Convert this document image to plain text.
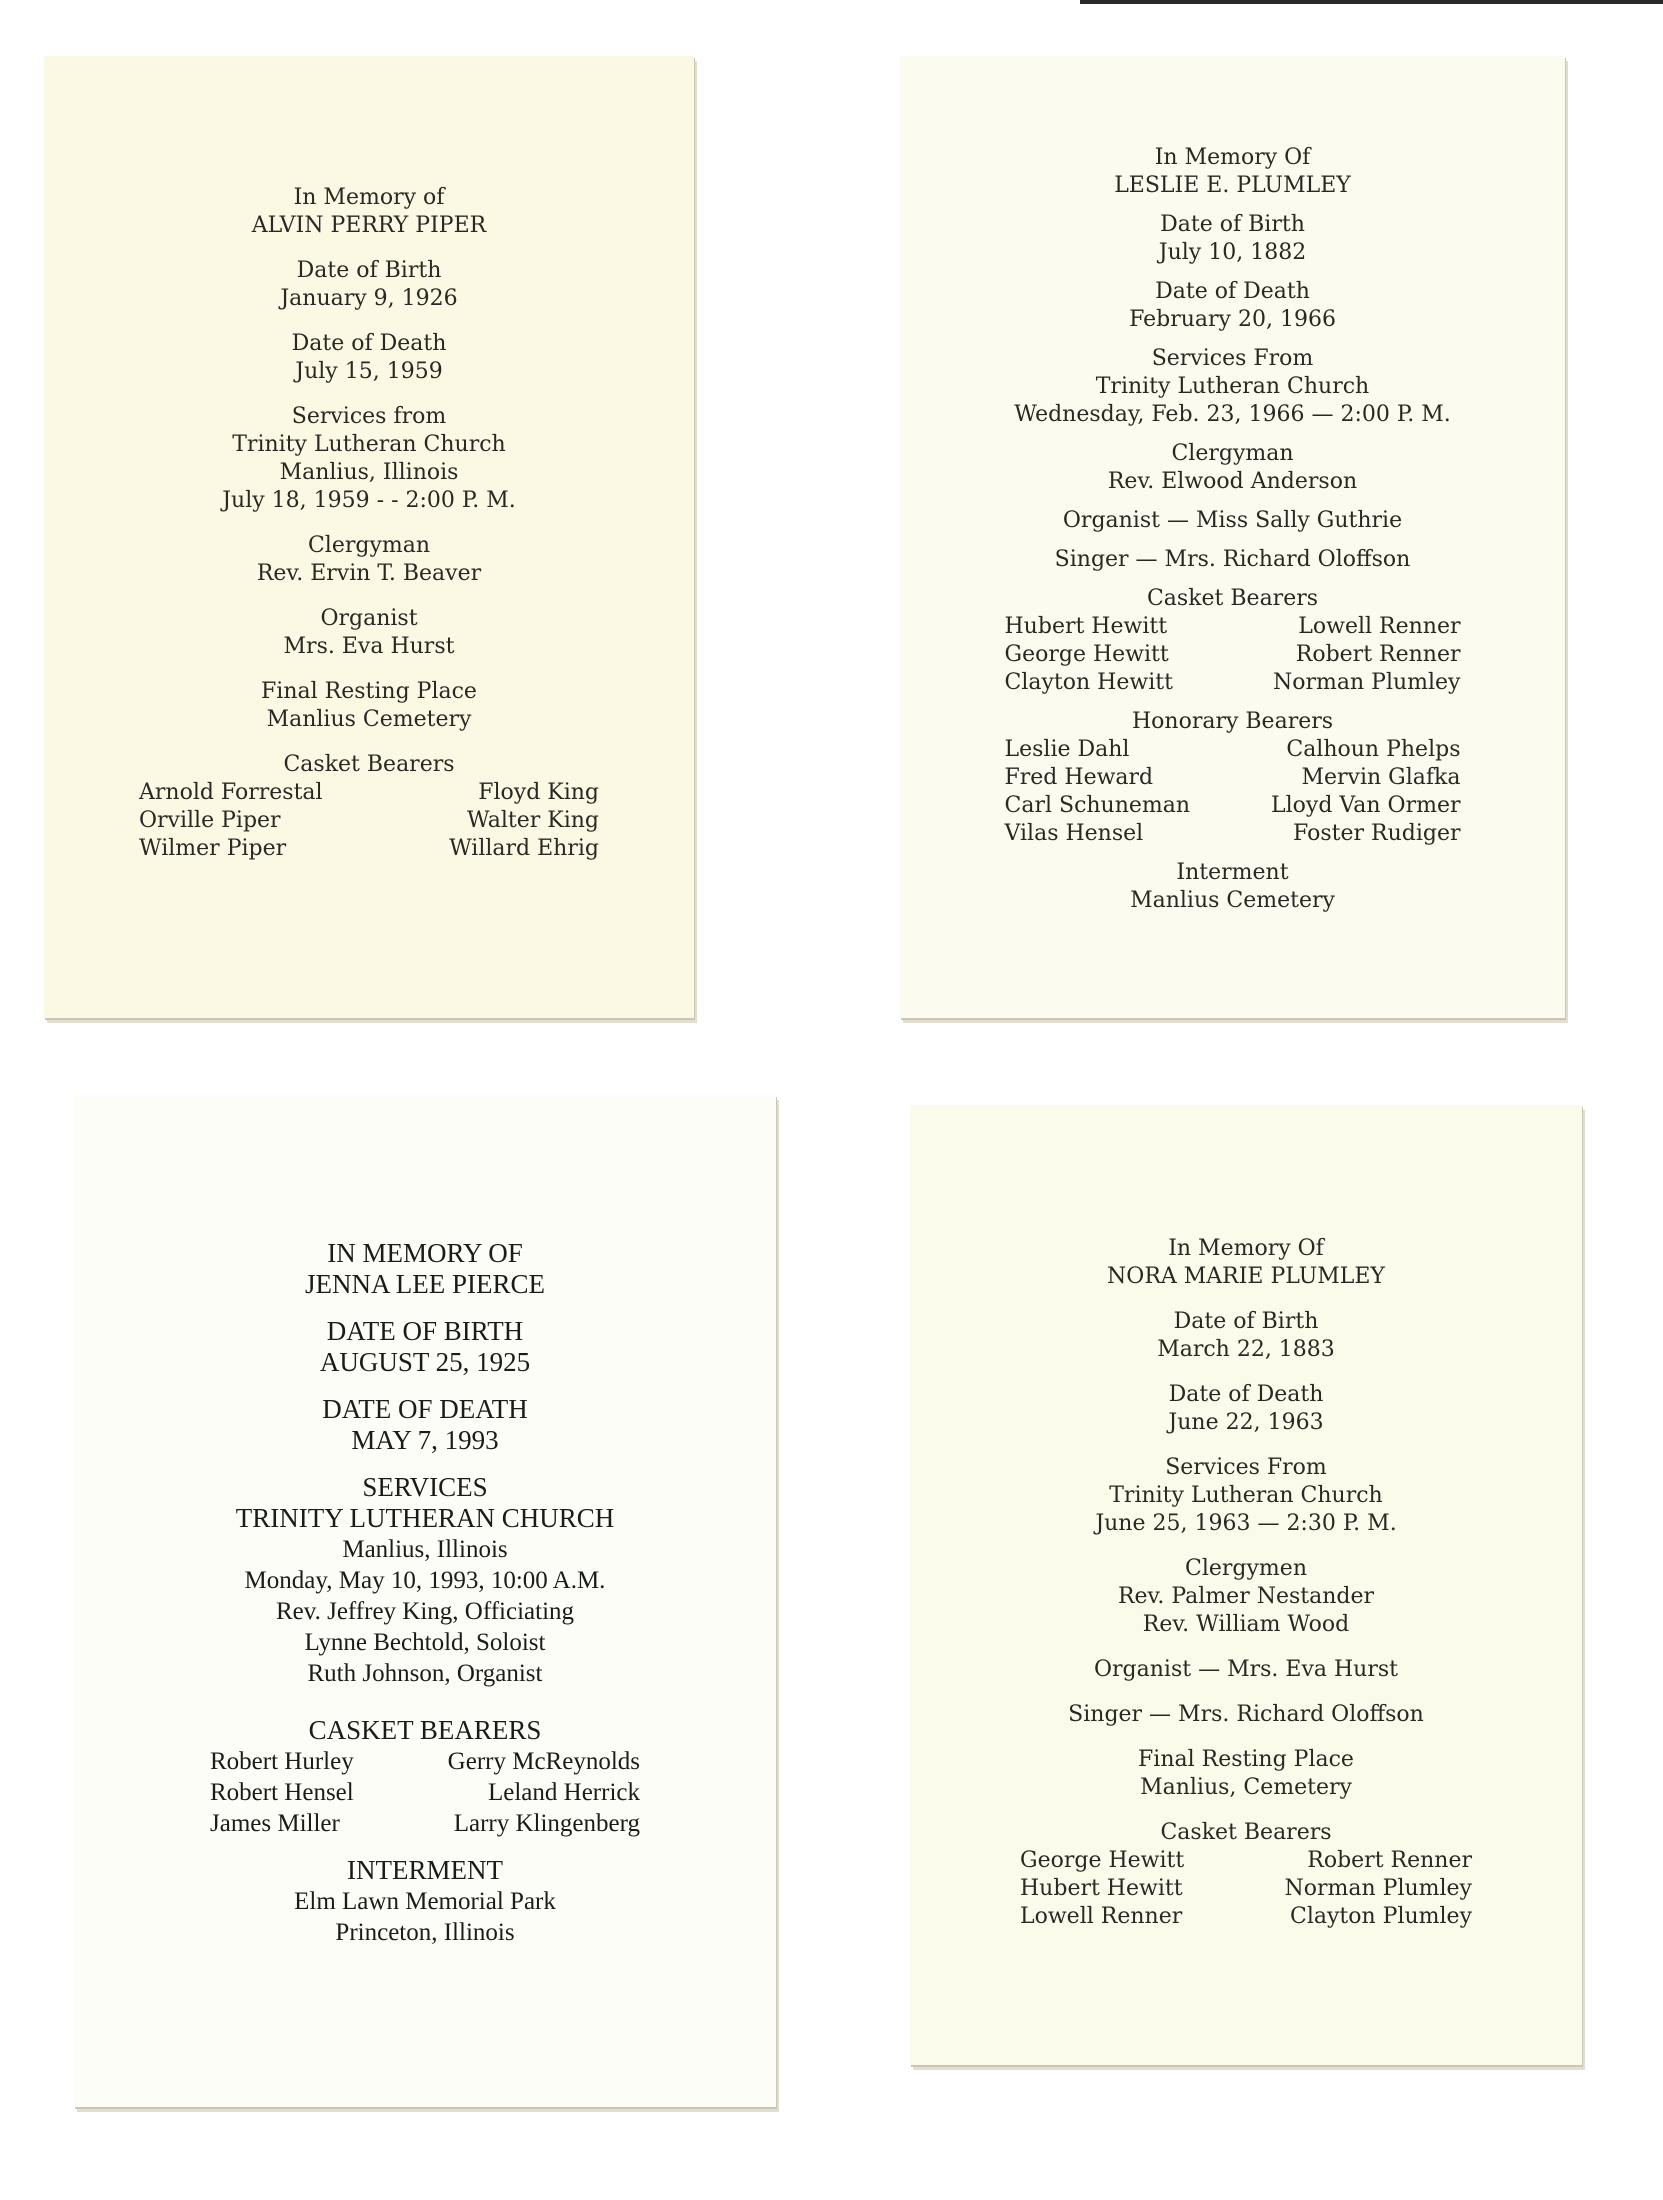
In Memory of
ALVIN PERRY PIPER
Date of Birth
January 9, 1926
Date of Death
July 15, 1959
Services from
Trinity Lutheran Church
Manlius, Illinois
July 18, 1959 - - 2:00 P. M.
Clergyman
Rev. Ervin T. Beaver
Organist
Mrs. Eva Hurst
Final Resting Place
Manlius Cemetery
Casket Bearers
Arnold Forrestal	Floyd King
Orville Piper	Walter King
Wilmer Piper	Willard Ehrig
In Memory Of
LESLIE E. PLUMLEY
Date of Birth
July 10, 1882
Date of Death
February 20, 1966
Services From
Trinity Lutheran Church
Wednesday, Feb. 23, 1966 — 2:00 P. M.
Clergyman
Rev. Elwood Anderson
Organist — Miss Sally Guthrie
Singer — Mrs. Richard Oloffson
Casket Bearers
Hubert Hewitt	Lowell Renner
George Hewitt	Robert Renner
Clayton Hewitt	Norman Plumley
Honorary Bearers
Leslie Dahl	Calhoun Phelps
Fred Heward	Mervin Glafka
Carl Schuneman	Lloyd Van Ormer
Vilas Hensel	Foster Rudiger
Interment
Manlius Cemetery
IN MEMORY OF
JENNA LEE PIERCE
DATE OF BIRTH
AUGUST 25, 1925
DATE OF DEATH
MAY 7, 1993
SERVICES
TRINITY LUTHERAN CHURCH
Manlius, Illinois
Monday, May 10, 1993, 10:00 A.M.
Rev. Jeffrey King, Officiating
Lynne Bechtold, Soloist
Ruth Johnson, Organist
CASKET BEARERS
Robert Hurley	Gerry McReynolds
Robert Hensel	Leland Herrick
James Miller	Larry Klingenberg
INTERMENT
Elm Lawn Memorial Park
Princeton, Illinois
In Memory Of
NORA MARIE PLUMLEY
Date of Birth
March 22, 1883
Date of Death
June 22, 1963
Services From
Trinity Lutheran Church
June 25, 1963 — 2:30 P. M.
Clergymen
Rev. Palmer Nestander
Rev. William Wood
Organist — Mrs. Eva Hurst
Singer — Mrs. Richard Oloffson
Final Resting Place
Manlius, Cemetery
Casket Bearers
George Hewitt	Robert Renner
Hubert Hewitt	Norman Plumley
Lowell Renner	Clayton Plumley
